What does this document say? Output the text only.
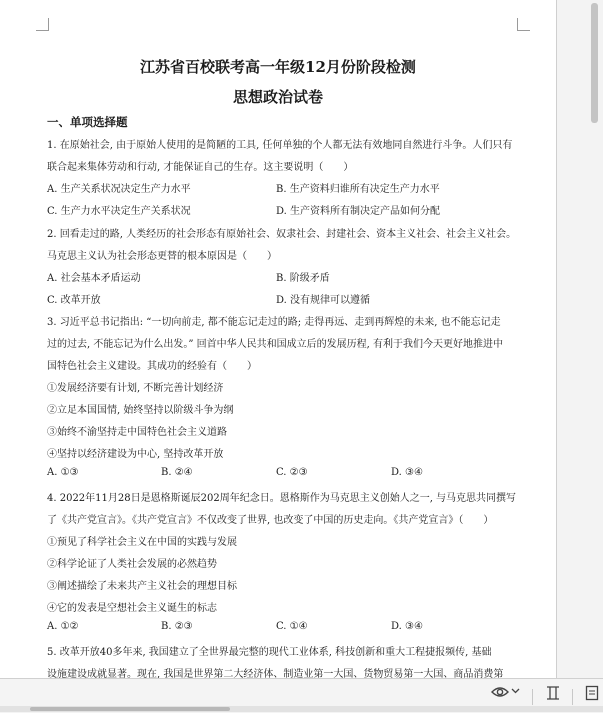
江苏省百校联考高一年级12月份阶段检测
思想政治试卷
一、单项选择题
1. 在原始社会, 由于原始人使用的是简陋的工具, 任何单独的个人都无法有效地同自然进行斗争。人们只有
联合起来集体劳动和行动, 才能保证自己的生存。这主要说明（　　）
A. 生产关系状况决定生产力水平	B. 生产资料归谁所有决定生产力水平
C. 生产力水平决定生产关系状况	D. 生产资料所有制决定产品如何分配
2. 回看走过的路, 人类经历的社会形态有原始社会、奴隶社会、封建社会、资本主义社会、社会主义社会。
马克思主义认为社会形态更替的根本原因是（　　）
A. 社会基本矛盾运动	B. 阶级矛盾
C. 改革开放	D. 没有规律可以遵循
3. 习近平总书记指出: “一切向前走, 都不能忘记走过的路; 走得再远、走到再辉煌的未来, 也不能忘记走
过的过去, 不能忘记为什么出发。” 回首中华人民共和国成立后的发展历程, 有利于我们今天更好地推进中
国特色社会主义建设。其成功的经验有（　　）
①发展经济要有计划, 不断完善计划经济
②立足本国国情, 始终坚持以阶级斗争为纲
③始终不渝坚持走中国特色社会主义道路
④坚持以经济建设为中心, 坚持改革开放
A. ①③	B. ②④	C. ②③	D. ③④
4. 2022年11月28日是恩格斯诞辰202周年纪念日。恩格斯作为马克思主义创始人之一, 与马克思共同撰写
了《共产党宣言》。《共产党宣言》不仅改变了世界, 也改变了中国的历史走向。《共产党宣言》（　　）
①预见了科学社会主义在中国的实践与发展
②科学论证了人类社会发展的必然趋势
③阐述描绘了未来共产主义社会的理想目标
④它的发表是空想社会主义诞生的标志
A. ①②	B. ②③	C. ①④	D. ③④
5. 改革开放40多年来, 我国建立了全世界最完整的现代工业体系, 科技创新和重大工程捷报频传, 基础
设施建设成就显著。现在, 我国是世界第二大经济体、制造业第一大国、货物贸易第一大国、商品消费第
